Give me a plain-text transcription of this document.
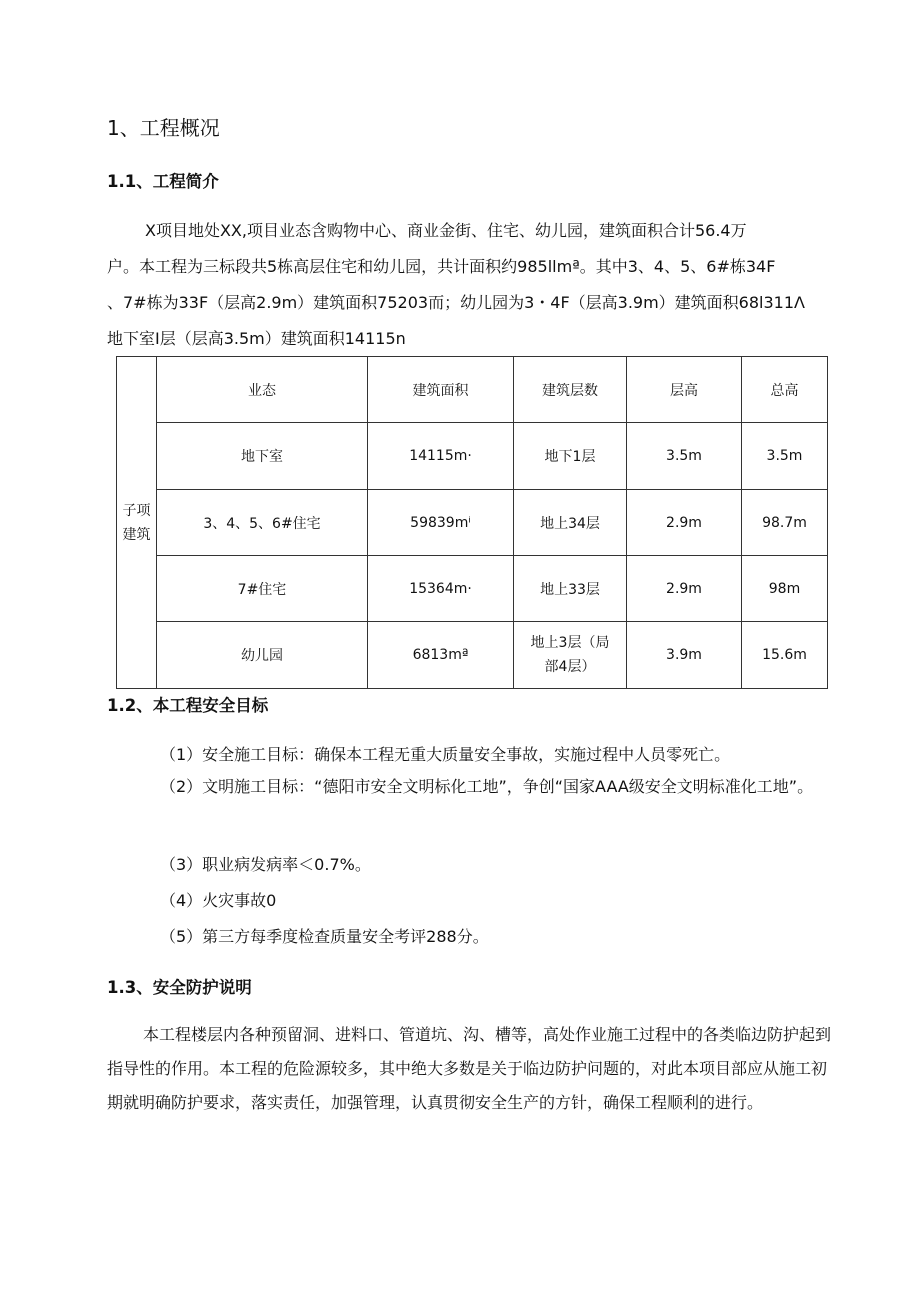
1、工程概况
1.1、工程简介
X项目地处XX,项目业态含购物中心、商业金街、住宅、幼儿园，建筑面积合计56.4万
户。本工程为三标段共5栋高层住宅和幼儿园，共计面积约985llmª。其中3、4、5、6#栋34F
、7#栋为33F（层高2.9m）建筑面积75203而；幼儿园为3・4F（层高3.9m）建筑面积68l311Λ
地下室I层（层高3.5m）建筑面积14115n
子项
建筑	业态	建筑面积	建筑层数	层高	总高
	地下室	14115m·	地下1层	3.5m	3.5m
	3、4、5、6#住宅	59839mⁱ	地上34层	2.9m	98.7m
	7#住宅	15364m·	地上33层	2.9m	98m
	幼儿园	6813mª	地上3层（局部4层）	3.9m	15.6m
1.2、本工程安全目标
（1）安全施工目标：确保本工程无重大质量安全事故，实施过程中人员零死亡。
（2）文明施工目标：“德阳市安全文明标化工地”，争创“国家AAA级安全文明标准化工地”。
（3）职业病发病率＜0.7%。
（4）火灾事故0
（5）第三方每季度检查质量安全考评288分。
1.3、安全防护说明
本工程楼层内各种预留洞、进料口、管道坑、沟、槽等，高处作业施工过程中的各类临边防护起到指导性的作用。本工程的危险源较多，其中绝大多数是关于临边防护问题的，对此本项目部应从施工初期就明确防护要求，落实责任，加强管理，认真贯彻安全生产的方针，确保工程顺利的进行。
